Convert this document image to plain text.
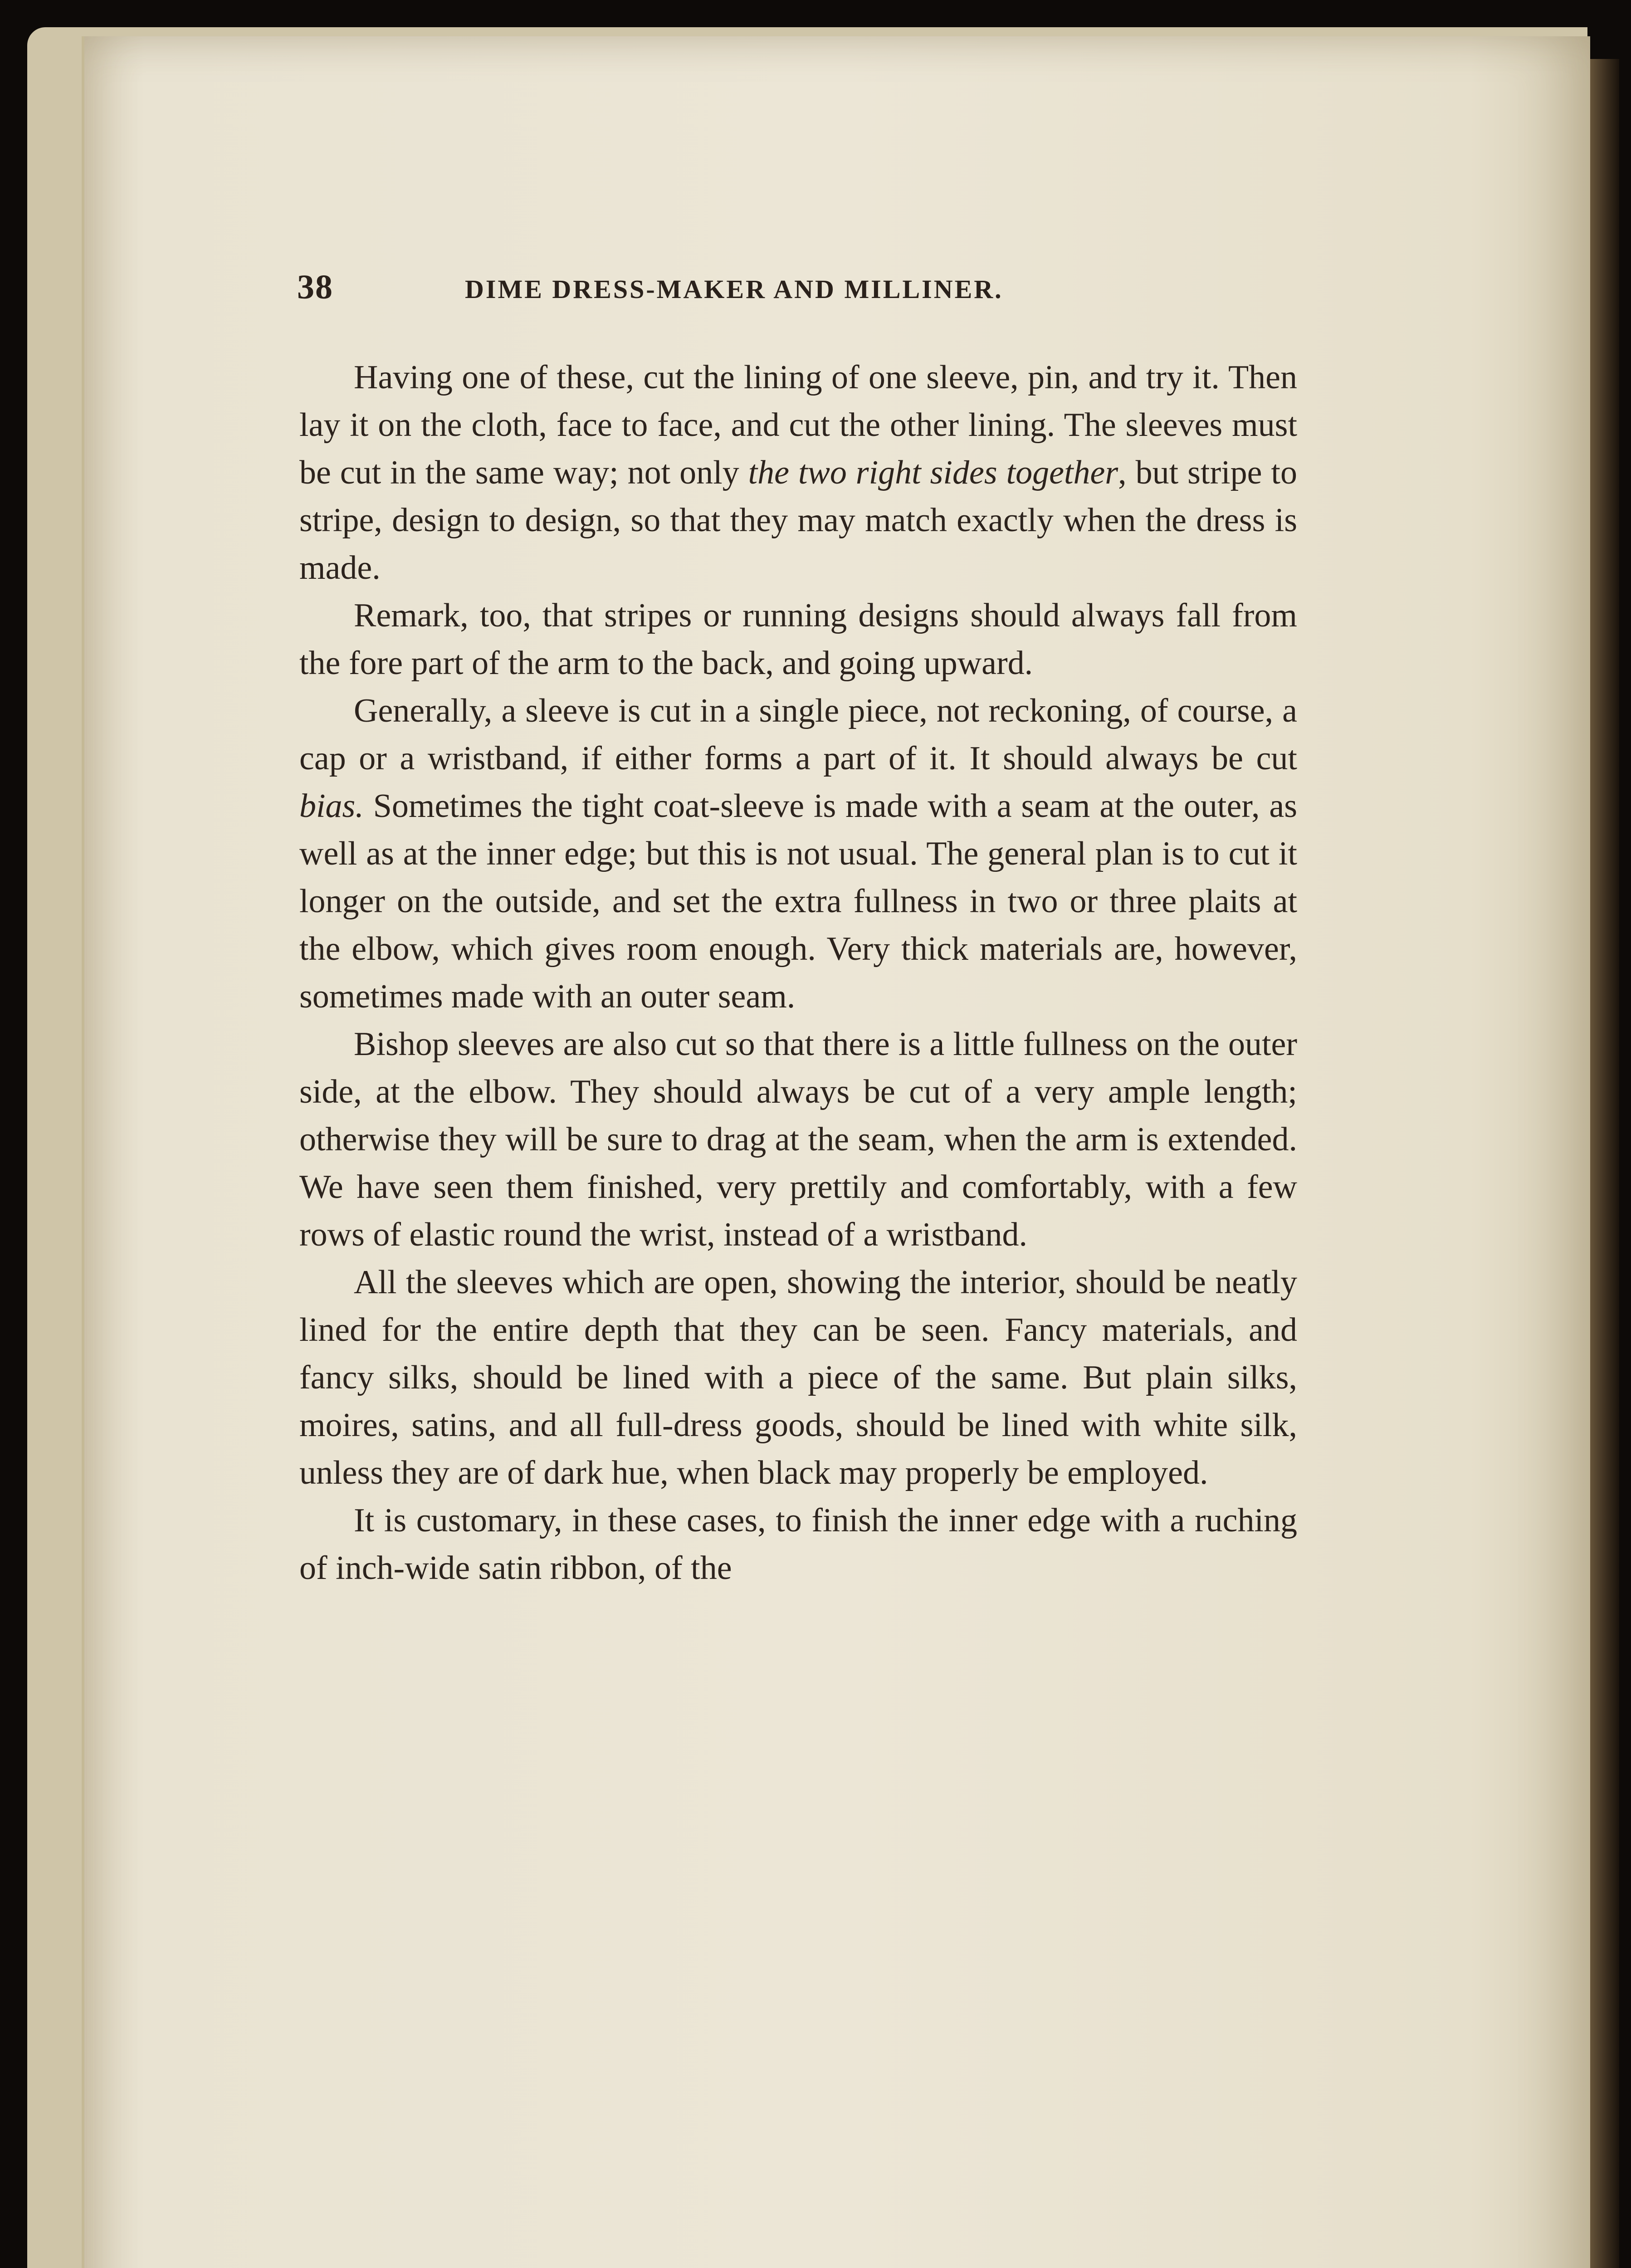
38	DIME DRESS-MAKER AND MILLINER.

Having one of these, cut the lining of one sleeve, pin, and try it. Then lay it on the cloth, face to face, and cut the other lining. The sleeves must be cut in the same way; not only the two right sides together, but stripe to stripe, design to design, so that they may match exactly when the dress is made.

Remark, too, that stripes or running designs should always fall from the fore part of the arm to the back, and going upward.

Generally, a sleeve is cut in a single piece, not reckoning, of course, a cap or a wristband, if either forms a part of it. It should always be cut bias. Sometimes the tight coat-sleeve is made with a seam at the outer, as well as at the inner edge; but this is not usual. The general plan is to cut it longer on the outside, and set the extra fullness in two or three plaits at the elbow, which gives room enough. Very thick materials are, however, sometimes made with an outer seam.

Bishop sleeves are also cut so that there is a little fullness on the outer side, at the elbow. They should always be cut of a very ample length; otherwise they will be sure to drag at the seam, when the arm is extended. We have seen them finished, very prettily and comfortably, with a few rows of elastic round the wrist, instead of a wristband.

All the sleeves which are open, showing the interior, should be neatly lined for the entire depth that they can be seen. Fancy materials, and fancy silks, should be lined with a piece of the same. But plain silks, moires, satins, and all full-dress goods, should be lined with white silk, unless they are of dark hue, when black may properly be employed.

It is customary, in these cases, to finish the inner edge with a ruching of inch-wide satin ribbon, of the
